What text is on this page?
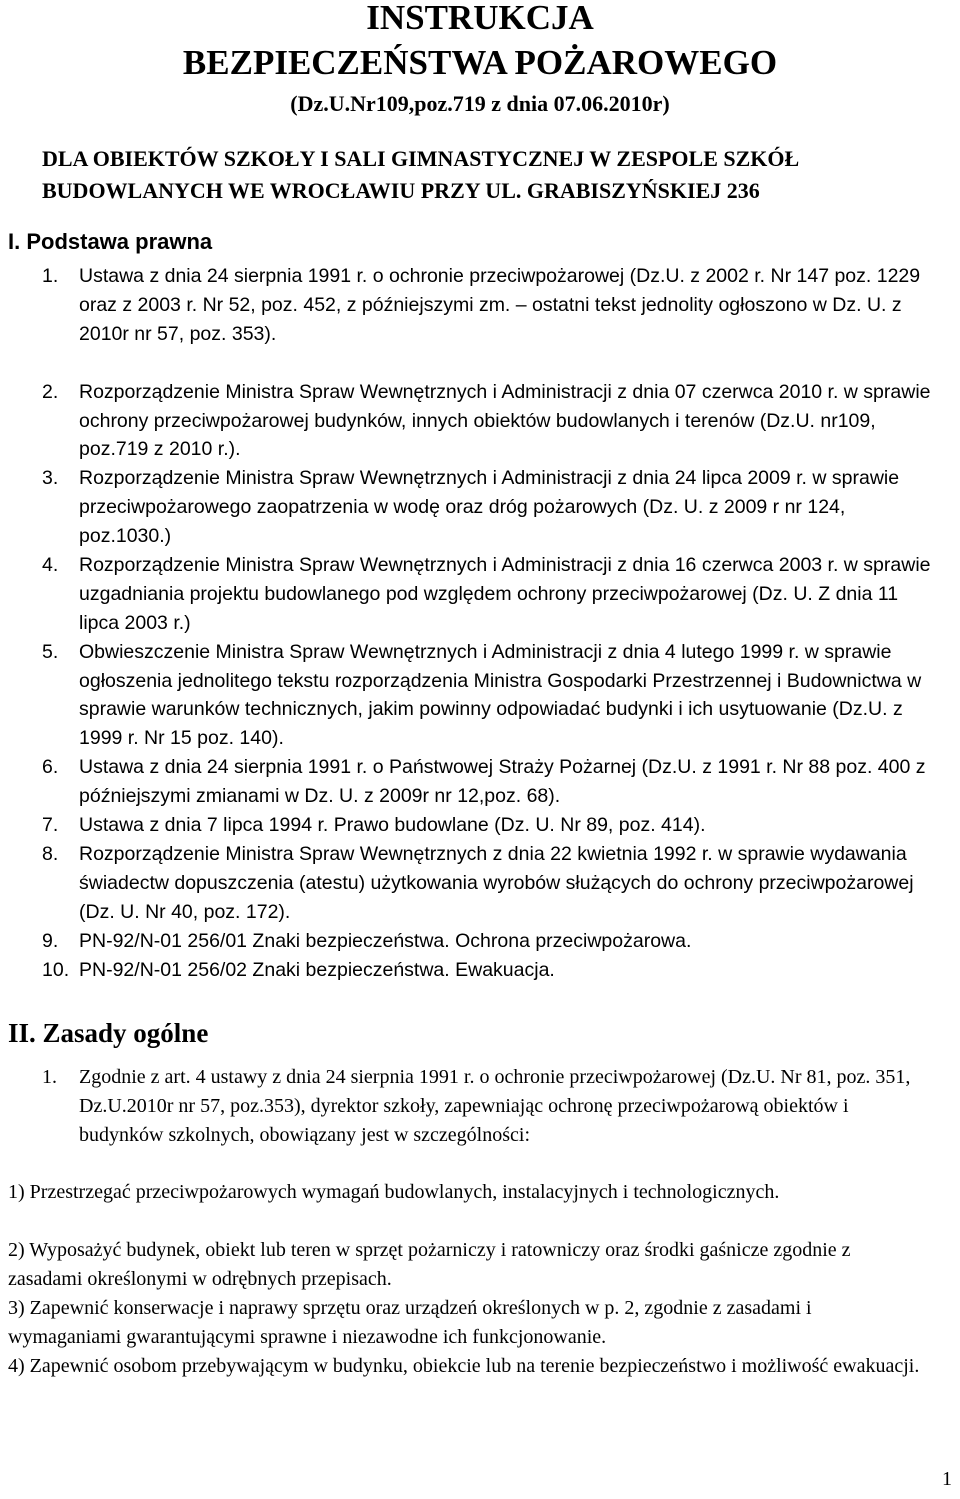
INSTRUKCJA
BEZPIECZEŃSTWA POŻAROWEGO
(Dz.U.Nr109,poz.719 z dnia 07.06.2010r)
DLA OBIEKTÓW SZKOŁY I SALI GIMNASTYCZNEJ W ZESPOLE SZKÓŁ
BUDOWLANYCH WE WROCŁAWIU PRZY UL. GRABISZYŃSKIEJ 236
I. Podstawa prawna
1. Ustawa z dnia 24 sierpnia 1991 r. o ochronie przeciwpożarowej (Dz.U. z 2002 r. Nr 147 poz. 1229 oraz z 2003 r. Nr 52, poz. 452, z późniejszymi zm. – ostatni tekst jednolity ogłoszono w Dz. U. z 2010r nr 57, poz. 353).
2. Rozporządzenie Ministra Spraw Wewnętrznych i Administracji z dnia 07 czerwca 2010 r. w sprawie ochrony przeciwpożarowej budynków, innych obiektów budowlanych i terenów (Dz.U. nr109, poz.719 z 2010 r.).
3. Rozporządzenie Ministra Spraw Wewnętrznych i Administracji z dnia 24 lipca 2009 r. w sprawie przeciwpożarowego zaopatrzenia w wodę oraz dróg pożarowych (Dz. U. z 2009 r nr 124, poz.1030.)
4. Rozporządzenie Ministra Spraw Wewnętrznych i Administracji z dnia 16 czerwca 2003 r. w sprawie uzgadniania projektu budowlanego pod względem ochrony przeciwpożarowej (Dz. U. Z dnia 11 lipca 2003 r.)
5. Obwieszczenie Ministra Spraw Wewnętrznych i Administracji z dnia 4 lutego 1999 r. w sprawie ogłoszenia jednolitego tekstu rozporządzenia Ministra Gospodarki Przestrzennej i Budownictwa w sprawie warunków technicznych, jakim powinny odpowiadać budynki i ich usytuowanie (Dz.U. z 1999 r. Nr 15 poz. 140).
6. Ustawa z dnia 24 sierpnia 1991 r. o Państwowej Straży Pożarnej (Dz.U. z 1991 r. Nr 88 poz. 400 z późniejszymi zmianami w Dz. U. z 2009r nr 12,poz. 68).
7. Ustawa z dnia 7 lipca 1994 r. Prawo budowlane (Dz. U. Nr 89, poz. 414).
8. Rozporządzenie Ministra Spraw Wewnętrznych z dnia 22 kwietnia 1992 r. w sprawie wydawania świadectw dopuszczenia (atestu) użytkowania wyrobów służących do ochrony przeciwpożarowej (Dz. U. Nr 40, poz. 172).
9. PN-92/N-01 256/01 Znaki bezpieczeństwa. Ochrona przeciwpożarowa.
10. PN-92/N-01 256/02 Znaki bezpieczeństwa. Ewakuacja.
II. Zasady ogólne
1.	Zgodnie z art. 4 ustawy z dnia 24 sierpnia 1991 r. o ochronie przeciwpożarowej (Dz.U. Nr 81, poz. 351, Dz.U.2010r nr 57, poz.353), dyrektor szkoły, zapewniając ochronę przeciwpożarową obiektów i budynków szkolnych, obowiązany jest w szczególności:

1) Przestrzegać przeciwpożarowych wymagań budowlanych, instalacyjnych i technologicznych.

2) Wyposażyć budynek, obiekt lub teren w sprzęt pożarniczy i ratowniczy oraz środki gaśnicze zgodnie z zasadami określonymi w odrębnych przepisach.

3) Zapewnić konserwacje i naprawy sprzętu oraz urządzeń określonych w p. 2, zgodnie z zasadami i wymaganiami gwarantującymi sprawne i niezawodne ich funkcjonowanie.

4) Zapewnić osobom przebywającym w budynku, obiekcie lub na terenie bezpieczeństwo i możliwość ewakuacji.

1
